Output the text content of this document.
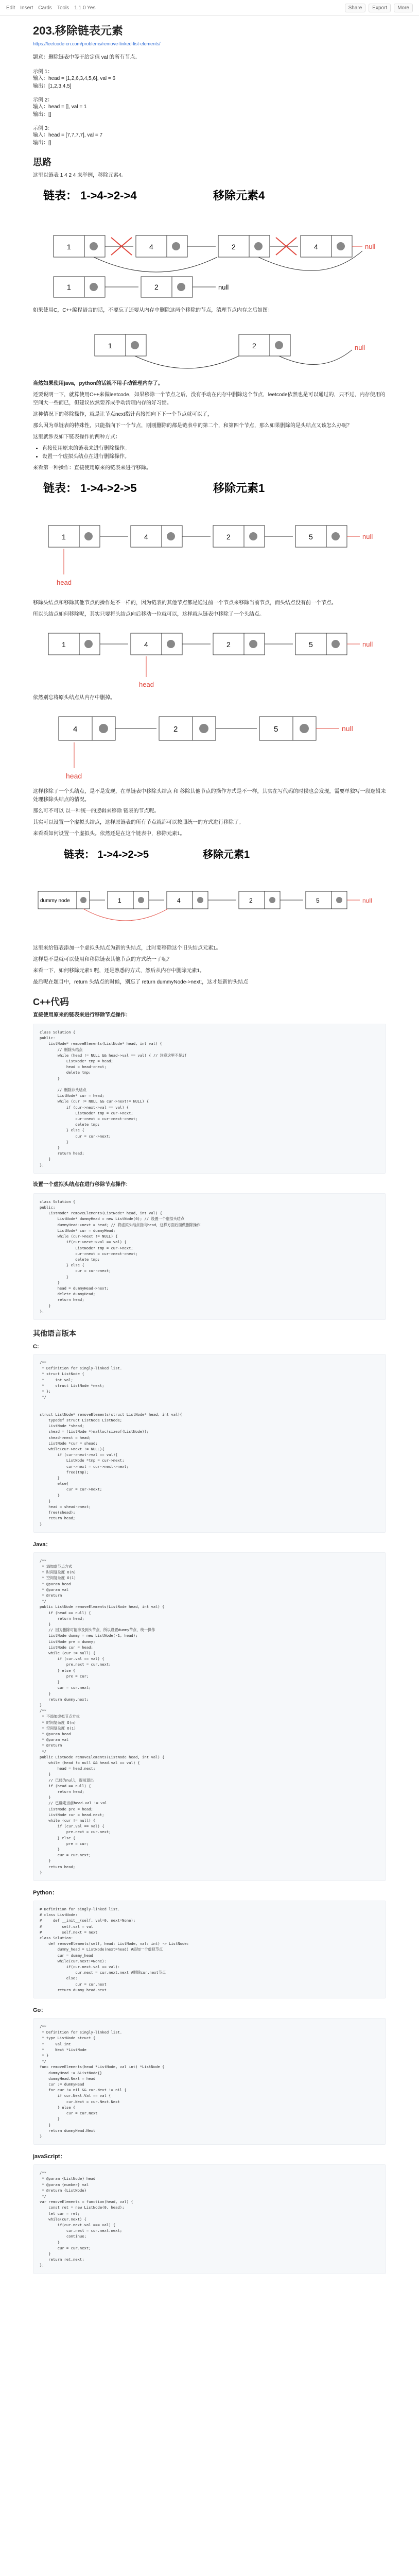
Edit Insert Cards Tools 1.1.0 Yes	Share	Export	More
203.移除链表元素
https://leetcode-cn.com/problems/remove-linked-list-elements/

题意：删除链表中等于给定值 val 的所有节点。

示例 1：
输入：head = [1,2,6,3,4,5,6], val = 6
输出：[1,2,3,4,5]
示例 2：
输入：head = [], val = 1
输出：[]
示例 3：
输入：head = [7,7,7,7], val = 7
输出：[]
思路

这里以链表 1 4 2 4 来举例，移除元素4。

链表： 1->4->2->4	移除元素4
1	4	2	4	null
1	2	null

如果使用C，C++编程语言的话，不要忘了还要从内存中删除这两个移除的节点，清理节点内存之后如图：

1	2	null

当然如果使用java，python的话就不用手动管理内存了。

还要说明一下，就算使用C++来做leetcode，如果移除一个节点之后，没有手动在内存中删除这个节点，leetcode依然也是可以通过的，只不过，内存使用的空间大一些而已，但建议依然要养成手动清理内存的好习惯。

这种情况下的移除操作，就是让节点next指针直接指向下下一个节点就可以了，

那么因为单链表的特殊性，只能指向下一个节点，刚刚删除的都是链表中的第二个，和第四个节点，那么如果删除的是头结点又该怎么办呢？

这里就涉及如下链表操作的两种方式：

• 直接使用原来的链表来进行删除操作。
• 设置一个虚拟头结点在进行删除操作。

来看第一种操作：直接使用原来的链表来进行移除。

链表： 1->4->2->5	移除元素1
1	4	2	5	null
head

移除头结点和移除其他节点的操作是不一样的，因为链表的其他节点都是通过前一个节点来移除当前节点，而头结点没有前一个节点。

所以头结点如何移除呢，其实只要将头结点向后移动一位就可以，这样就从链表中移除了一个头结点。

1	4	2	5	null
head

依然别忘将原头结点从内存中删掉。

4	2	5	null
head

这样移除了一个头结点，是不是发现，在单链表中移除头结点 和 移除其他节点的操作方式是不一样，其实在写代码的时候也会发现，需要单独写一段逻辑来处理移除头结点的情况。

那么可不可以 以一种统一的逻辑来移除 链表的节点呢。

其实可以设置一个虚拟头结点，这样原链表的所有节点就都可以按照统一的方式进行移除了。

来看看如何设置一个虚拟头。依然还是在这个链表中，移除元素1。

链表： 1->4->2->5	移除元素1
dummy node	1	4	2	5	null

这里来给链表添加一个虚拟头结点为新的头结点，此时要移除这个旧头结点元素1。

这样是不是就可以使用和移除链表其他节点的方式统一了呢？

来看一下，如何移除元素1 呢，还是熟悉的方式，然后从内存中删除元素1。

最后呢在题目中，return 头结点的时候，别忘了 return dummyNode->next;，这才是新的头结点

C++代码

直接使用原来的链表来进行移除节点操作：

class Solution {
public:
ListNode* removeElements(ListNode* head, int val) {
// 删除头结点
while (head != NULL && head->val == val) { // 注意这里不是if
ListNode* tmp = head;
head = head->next;
delete tmp;
}

// 删除非头结点
ListNode* cur = head;
while (cur != NULL && cur->next!= NULL) {
if (cur->next->val == val) {
ListNode* tmp = cur->next;
cur->next = cur->next->next;
delete tmp;
} else {
cur = cur->next;
}
}
return head;
}
};

设置一个虚拟头结点在进行移除节点操作：

class Solution {
public:
ListNode* removeElements(ListNode* head, int val) {
ListNode* dummyHead = new ListNode(0); // 设置一个虚拟头结点
dummyHead->next = head; // 将虚拟头结点指向head，这样方面后面做删除操作
ListNode* cur = dummyHead;
while (cur->next != NULL) {
if(cur->next->val == val) {
ListNode* tmp = cur->next;
cur->next = cur->next->next;
delete tmp;
} else {
cur = cur->next;
}
}
head = dummyHead->next;
delete dummyHead;
return head;
}
};
其他语言版本
C:
/**
* Definition for singly-linked list.
* struct ListNode {
*     int val;
*     struct ListNode *next;
* };
*/

struct ListNode* removeElements(struct ListNode* head, int val){
typedef struct ListNode ListNode;
ListNode *shead;
shead = (ListNode *)malloc(sizeof(ListNode));
shead->next = head;
ListNode *cur = shead;
while(cur->next != NULL){
if (cur->next->val == val){
ListNode *tmp = cur->next;
cur->next = cur->next->next;
free(tmp);
}
else{
cur = cur->next;
}
}
head = shead->next;
free(shead);
return head;
}
Java：
/**
* 添加虚节点方式
* 时间复杂度 O(n)
* 空间复杂度 O(1)
* @param head
* @param val
* @return
*/
public ListNode removeElements(ListNode head, int val) {
if (head == null) {
return head;
}
// 因为删除可能涉及到头节点，所以设置dummy节点，统一操作
ListNode dummy = new ListNode(-1, head);
ListNode pre = dummy;
ListNode cur = head;
while (cur != null) {
if (cur.val == val) {
pre.next = cur.next;
} else {
pre = cur;
}
cur = cur.next;
}
return dummy.next;
}
/**
* 不添加虚拟节点方式
* 时间复杂度 O(n)
* 空间复杂度 O(1)
* @param head
* @param val
* @return
*/
public ListNode removeElements(ListNode head, int val) {
while (head != null && head.val == val) {
head = head.next;
}
// 已经为null，提前退出
if (head == null) {
return head;
}
// 已确定当前head.val != val
ListNode pre = head;
ListNode cur = head.next;
while (cur != null) {
if (cur.val == val) {
pre.next = cur.next;
} else {
pre = cur;
}
cur = cur.next;
}
return head;
}
Python：
# Definition for singly-linked list.
# class ListNode:
#     def __init__(self, val=0, next=None):
#         self.val = val
#         self.next = next
class Solution:
def removeElements(self, head: ListNode, val: int) -> ListNode:
dummy_head = ListNode(next=head) #添加一个虚拟节点
cur = dummy_head
while(cur.next!=None):
if(cur.next.val == val):
cur.next = cur.next.next #删除cur.next节点
else:
cur = cur.next
return dummy_head.next
Go：
/**
* Definition for singly-linked list.
* type ListNode struct {
*     Val int
*     Next *ListNode
* }
*/
func removeElements(head *ListNode, val int) *ListNode {
dummyHead := &ListNode{}
dummyHead.Next = head
cur := dummyHead
for cur != nil && cur.Next != nil {
if cur.Next.Val == val {
cur.Next = cur.Next.Next
} else {
cur = cur.Next
}
}
return dummyHead.Next
}
javaScript：
/**
* @param {ListNode} head
* @param {number} val
* @return {ListNode}
*/
var removeElements = function(head, val) {
const ret = new ListNode(0, head);
let cur = ret;
while(cur.next) {
if(cur.next.val === val) {
cur.next = cur.next.next;
continue;
}
cur = cur.next;
}
return ret.next;
};
